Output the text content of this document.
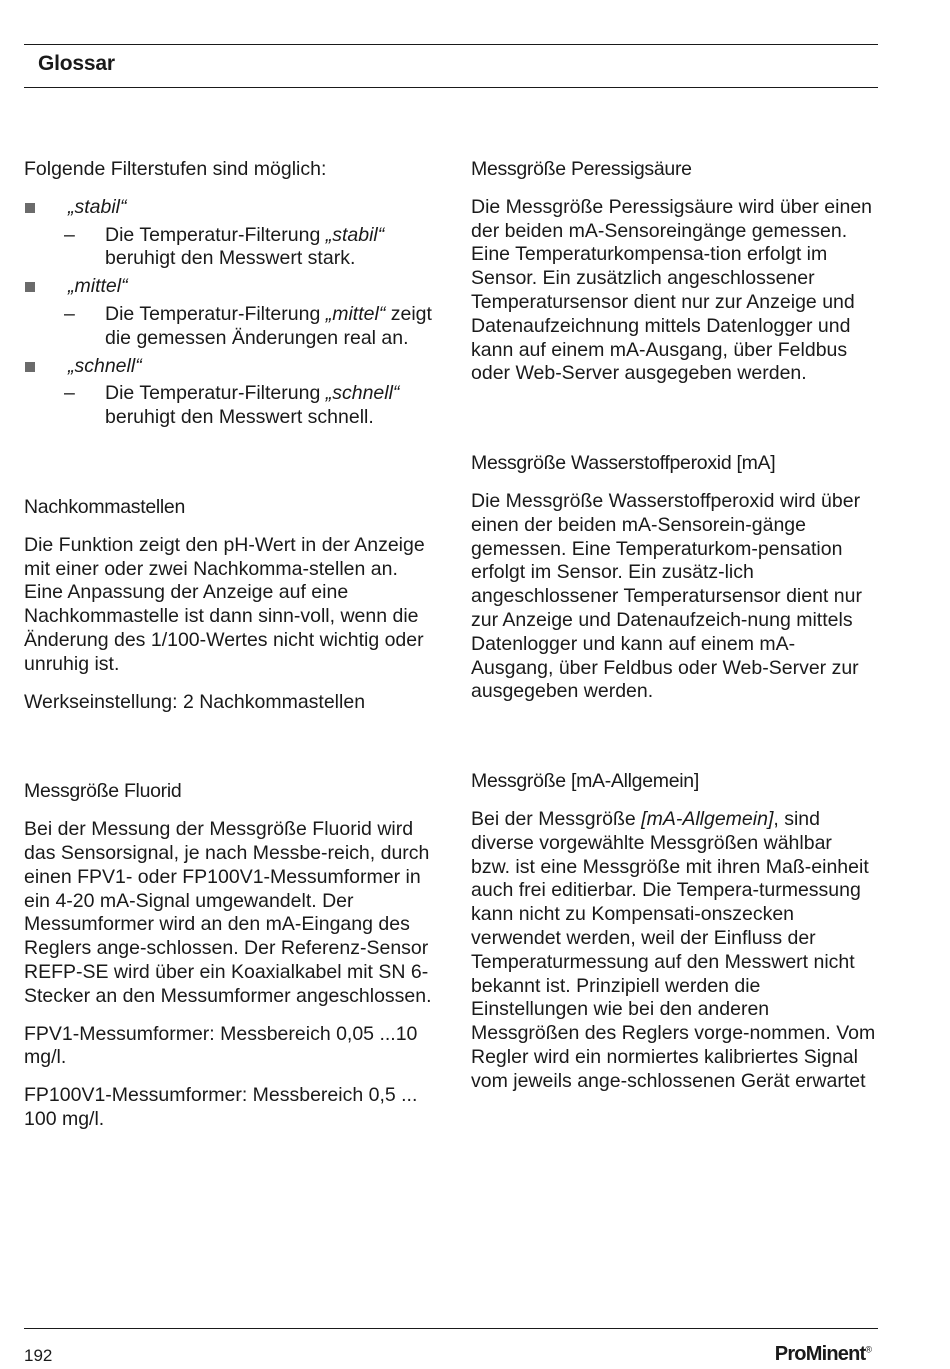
Glossar

Folgende Filterstufen sind möglich:

„stabil“
– Die Temperatur-Filterung „stabil“ beruhigt den Messwert stark.
„mittel“
– Die Temperatur-Filterung „mittel“ zeigt die gemessen Änderungen real an.
„schnell“
– Die Temperatur-Filterung „schnell“ beruhigt den Messwert schnell.
Nachkommastellen

Die Funktion zeigt den pH-Wert in der Anzeige mit einer oder zwei Nachkomma-stellen an. Eine Anpassung der Anzeige auf eine Nachkommastelle ist dann sinn-voll, wenn die Änderung des 1/100-Wertes nicht wichtig oder unruhig ist.

Werkseinstellung: 2 Nachkommastellen

Messgröße Fluorid

Bei der Messung der Messgröße Fluorid wird das Sensorsignal, je nach Messbe-reich, durch einen FPV1- oder FP100V1-Messumformer in ein 4-20 mA-Signal umgewandelt. Der Messumformer wird an den mA-Eingang des Reglers ange-schlossen. Der Referenz-Sensor REFP-SE wird über ein Koaxialkabel mit SN 6-Stecker an den Messumformer angeschlossen.

FPV1-Messumformer: Messbereich 0,05 ...10 mg/l.

FP100V1-Messumformer: Messbereich 0,5 ... 100 mg/l.

Messgröße Peressigsäure

Die Messgröße Peressigsäure wird über einen der beiden mA-Sensoreingänge gemessen. Eine Temperaturkompensa-tion erfolgt im Sensor. Ein zusätzlich angeschlossener Temperatursensor dient nur zur Anzeige und Datenaufzeichnung mittels Datenlogger und kann auf einem mA-Ausgang, über Feldbus oder Web-Server ausgegeben werden.

Messgröße Wasserstoffperoxid [mA]

Die Messgröße Wasserstoffperoxid wird über einen der beiden mA-Sensorein-gänge gemessen. Eine Temperaturkom-pensation erfolgt im Sensor. Ein zusätz-lich angeschlossener Temperatursensor dient nur zur Anzeige und Datenaufzeich-nung mittels Datenlogger und kann auf einem mA-Ausgang, über Feldbus oder Web-Server zur ausgegeben werden.

Messgröße [mA-Allgemein]

Bei der Messgröße [mA-Allgemein], sind diverse vorgewählte Messgrößen wählbar bzw. ist eine Messgröße mit ihren Maß-einheit auch frei editierbar. Die Tempera-turmessung kann nicht zu Kompensati-onszecken verwendet werden, weil der Einfluss der Temperaturmessung auf den Messwert nicht bekannt ist. Prinzipiell werden die Einstellungen wie bei den anderen Messgrößen des Reglers vorge-nommen. Vom Regler wird ein normiertes kalibriertes Signal vom jeweils ange-schlossenen Gerät erwartet

192	ProMinent®
